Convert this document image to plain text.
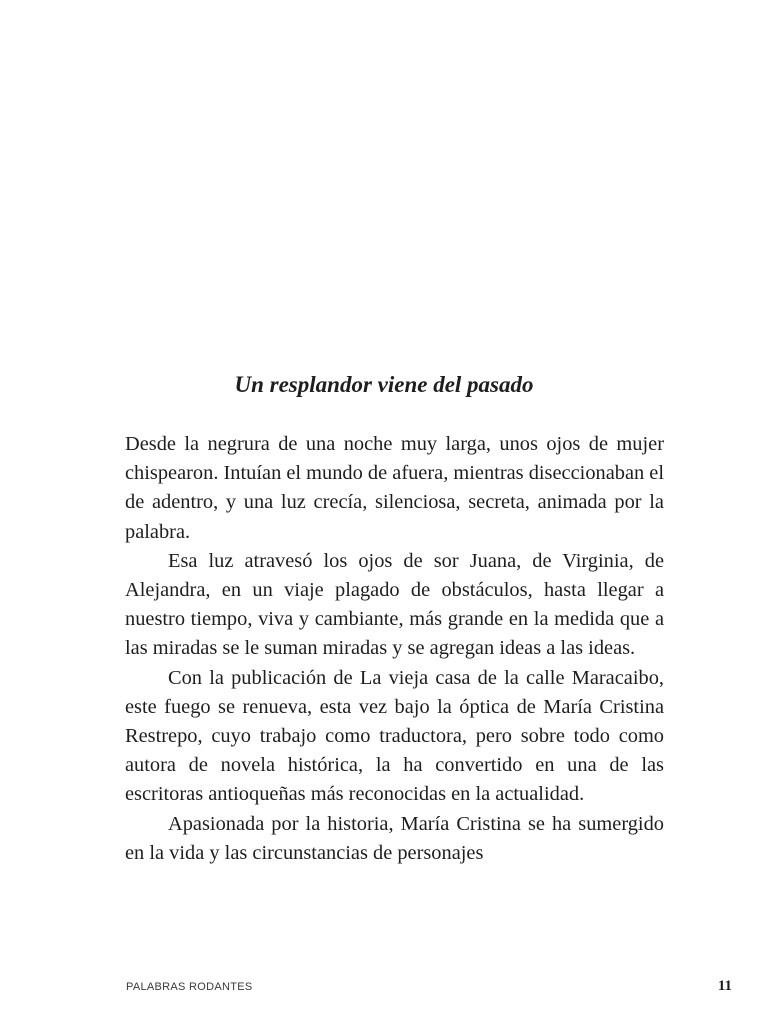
Un resplandor viene del pasado

Desde la negrura de una noche muy larga, unos ojos de mujer chispearon. Intuían el mundo de afuera, mientras diseccionaban el de adentro, y una luz crecía, silenciosa, secreta, animada por la palabra.

Esa luz atravesó los ojos de sor Juana, de Virginia, de Alejandra, en un viaje plagado de obstáculos, hasta llegar a nuestro tiempo, viva y cambiante, más grande en la medida que a las miradas se le suman miradas y se agregan ideas a las ideas.

Con la publicación de La vieja casa de la calle Maracaibo, este fuego se renueva, esta vez bajo la óptica de María Cristina Restrepo, cuyo trabajo como traductora, pero sobre todo como autora de novela histórica, la ha convertido en una de las escritoras antioqueñas más reconocidas en la actualidad.

Apasionada por la historia, María Cristina se ha sumergido en la vida y las circunstancias de personajes

PALABRAS RODANTES	11
